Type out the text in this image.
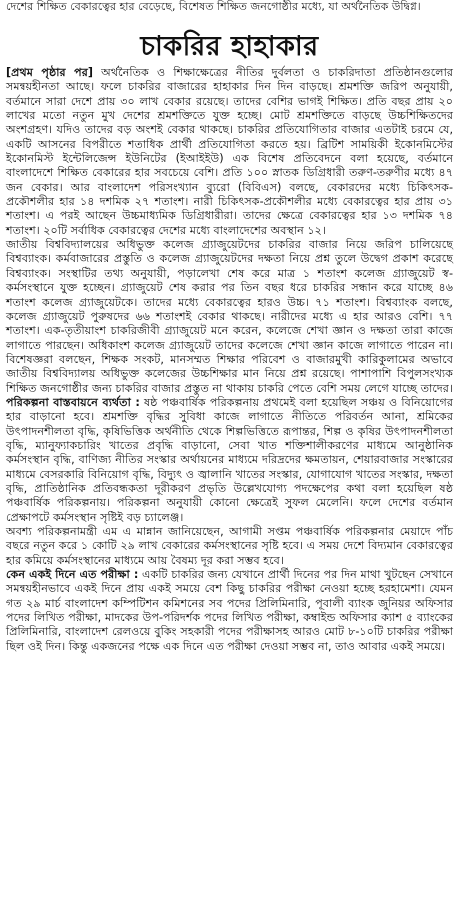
দেশের শিক্ষিত বেকারত্বের হার বেড়েছে, বিশেষত শিক্ষিত জনগোষ্ঠীর মধ্যে, যা অর্থনৈতিক উদ্বিগ্ন।
চাকরির হাহাকার

[প্রথম পৃষ্ঠার পর] অর্থনৈতিক ও শিক্ষাক্ষেত্রের নীতির দুর্বলতা ও চাকরিদাতা প্রতিষ্ঠানগুলোর সমন্বয়হীনতা আছে। ফলে চাকরির বাজারের হাহাকার দিন দিন বাড়ছে। শ্রমশক্তি জরিপ অনুযায়ী, বর্তমানে সারা দেশে প্রায় ৩০ লাখ বেকার রয়েছে। তাদের বেশির ভাগই শিক্ষিত। প্রতি বছর প্রায় ২০ লাখের মতো নতুন মুখ দেশের শ্রমশক্তিতে যুক্ত হচ্ছে। মোট শ্রমশক্তিতে বাড়ছে উচ্চশিক্ষিতদের অংশগ্রহণ। যদিও তাদের বড় অংশই বেকার থাকছে। চাকরির প্রতিযোগিতার বাজার এতটাই চরমে যে, একটি আসনের বিপরীতে শতাধিক প্রার্থী প্রতিযোগিতা করতে হয়। ব্রিটিশ সাময়িকী ইকোনমিস্টের ইকোনমিস্ট ইন্টেলিজেন্স ইউনিটের (ইআইইউ) এক বিশেষ প্রতিবেদনে বলা হয়েছে, বর্তমানে বাংলাদেশে শিক্ষিত বেকারের হার সবচেয়ে বেশি। প্রতি ১০০ স্নাতক ডিগ্রিধারী তরুণ-তরুণীর মধ্যে ৪৭ জন বেকার। আর বাংলাদেশ পরিসংখ্যান ব্যুরো (বিবিএস) বলছে, বেকারদের মধ্যে চিকিৎসক-প্রকৌশলীর হার ১৪ দশমিক ২৭ শতাংশ। নারী চিকিৎসক-প্রকৌশলীর মধ্যে বেকারত্বের হার প্রায় ৩১ শতাংশ। এ পরই আছেন উচ্চমাধ্যমিক ডিগ্রিধারীরা। তাদের ক্ষেত্রে বেকারত্বের হার ১৩ দশমিক ৭৪ শতাংশ। ২০টি সর্বাধিক বেকারত্বের দেশের মধ্যে বাংলাদেশের অবস্থান ১২।

জাতীয় বিশ্ববিদ্যালয়ের অধিভুক্ত কলেজ গ্র্যাজুয়েটদের চাকরির বাজার নিয়ে জরিপ চালিয়েছে বিশ্বব্যাংক। কর্মবাজারের প্রস্তুতি ও কলেজ গ্র্যাজুয়েটদের দক্ষতা নিয়ে প্রশ্ন তুলে উদ্বেগ প্রকাশ করেছে বিশ্বব্যাংক। সংস্থাটির তথ্য অনুযায়ী, পড়ালেখা শেষ করে মাত্র ১ শতাংশ কলেজ গ্র্যাজুয়েট স্ব-কর্মসংস্থানে যুক্ত হচ্ছেন। গ্র্যাজুয়েট শেষ করার পর তিন বছর ধরে চাকরির সন্ধান করে যাচ্ছে ৪৬ শতাংশ কলেজ গ্র্যাজুয়েটকে। তাদের মধ্যে বেকারত্বের হারও উচ্চ। ৭১ শতাংশ। বিশ্বব্যাংক বলছে, কলেজ গ্র্যাজুয়েট পুরুষদের ৬৬ শতাংশই বেকার থাকছে। নারীদের মধ্যে এ হার আরও বেশি। ৭৭ শতাংশ। এক-তৃতীয়াংশ চাকরিজীবী গ্র্যাজুয়েট মনে করেন, কলেজে শেখা জ্ঞান ও দক্ষতা তারা কাজে লাগাতে পারছেন। অধিকাংশ কলেজ গ্র্যাজুয়েট তাদের কলেজে শেখা জ্ঞান কাজে লাগাতে পারেন না। বিশেষজ্ঞরা বলছেন, শিক্ষক সংকট, মানসম্মত শিক্ষার পরিবেশ ও বাজারমুখী কারিকুলামের অভাবে জাতীয় বিশ্ববিদ্যালয় অধিভুক্ত কলেজের উচ্চশিক্ষার মান নিয়ে প্রশ্ন রয়েছে। পাশাপাশি বিপুলসংখ্যক শিক্ষিত জনগোষ্ঠীর জন্য চাকরির বাজার প্রস্তুত না থাকায় চাকরি পেতে বেশি সময় লেগে যাচ্ছে তাদের।

পরিকল্পনা বাস্তবায়নে ব্যর্থতা : ষষ্ঠ পঞ্চবার্ষিক পরিকল্পনায় প্রথমেই বলা হয়েছিল সঞ্চয় ও বিনিয়োগের হার বাড়ানো হবে। শ্রমশক্তি বৃদ্ধির সুবিধা কাজে লাগাতে নীতিতে পরিবর্তন আনা, শ্রমিকের উৎপাদনশীলতা বৃদ্ধি, কৃষিভিত্তিক অর্থনীতি থেকে শিল্পভিত্তিতে রূপান্তর, শিল্প ও কৃষির উৎপাদনশীলতা বৃদ্ধি, ম্যানুফ্যাকচারিং খাতের প্রবৃদ্ধি বাড়ানো, সেবা খাত শক্তিশালীকরণের মাধ্যমে আনুষ্ঠানিক কর্মসংস্থান বৃদ্ধি, বাণিজ্য নীতির সংস্কার অর্থায়নের মাধ্যমে দরিদ্রদের ক্ষমতায়ন, শেয়ারবাজার সংস্কারের মাধ্যমে বেসরকারি বিনিয়োগ বৃদ্ধি, বিদ্যুৎ ও জ্বালানি খাতের সংস্কার, যোগাযোগ খাতের সংস্কার, দক্ষতা বৃদ্ধি, প্রাতিষ্ঠানিক প্রতিবন্ধকতা দূরীকরণ প্রভৃতি উল্লেখযোগ্য পদক্ষেপের কথা বলা হয়েছিল ষষ্ঠ পঞ্চবার্ষিক পরিকল্পনায়। পরিকল্পনা অনুযায়ী কোনো ক্ষেত্রেই সুফল মেলেনি। ফলে দেশের বর্তমান প্রেক্ষাপটে কর্মসংস্থান সৃষ্টিই বড় চ্যালেঞ্জ।

অবশ্য পরিকল্পনামন্ত্রী এম এ মান্নান জানিয়েছেন, আগামী সপ্তম পঞ্চবার্ষিক পরিকল্পনার মেয়াদে পাঁচ বছরে নতুন করে ১ কোটি ২৯ লাখ বেকারের কর্মসংস্থানের সৃষ্টি হবে। এ সময় দেশে বিদ্যমান বেকারত্বের হার কমিয়ে কর্মসংস্থানের মাধ্যমে আয় বৈষম্য দূর করা সম্ভব হবে।

কেন একই দিনে এত পরীক্ষা : একটি চাকরির জন্য যেখানে প্রার্থী দিনের পর দিন মাথা খুটছেন সেখানে সমন্বয়হীনভাবে একই দিনে প্রায় একই সময়ে বেশ কিছু চাকরির পরীক্ষা নেওয়া হচ্ছে হরহামেশা। যেমন গত ২৯ মার্চ বাংলাদেশ কম্পিটিশন কমিশনের সব পদের প্রিলিমিনারি, পূবালী ব্যাংক জুনিয়র অফিসার পদের লিখিত পরীক্ষা, মাদকের উপ-পরিদর্শক পদের লিখিত পরীক্ষা, কম্বাইন্ড অফিসার ক্যাশ ৫ ব্যাংকের প্রিলিমিনারি, বাংলাদেশ রেলওয়ে বুকিং সহকারী পদের পরীক্ষাসহ আরও মোট ৮-১০টি চাকরির পরীক্ষা ছিল ওই দিন। কিন্তু একজনের পক্ষে এক দিনে এত পরীক্ষা দেওয়া সম্ভব না, তাও আবার একই সময়ে।
